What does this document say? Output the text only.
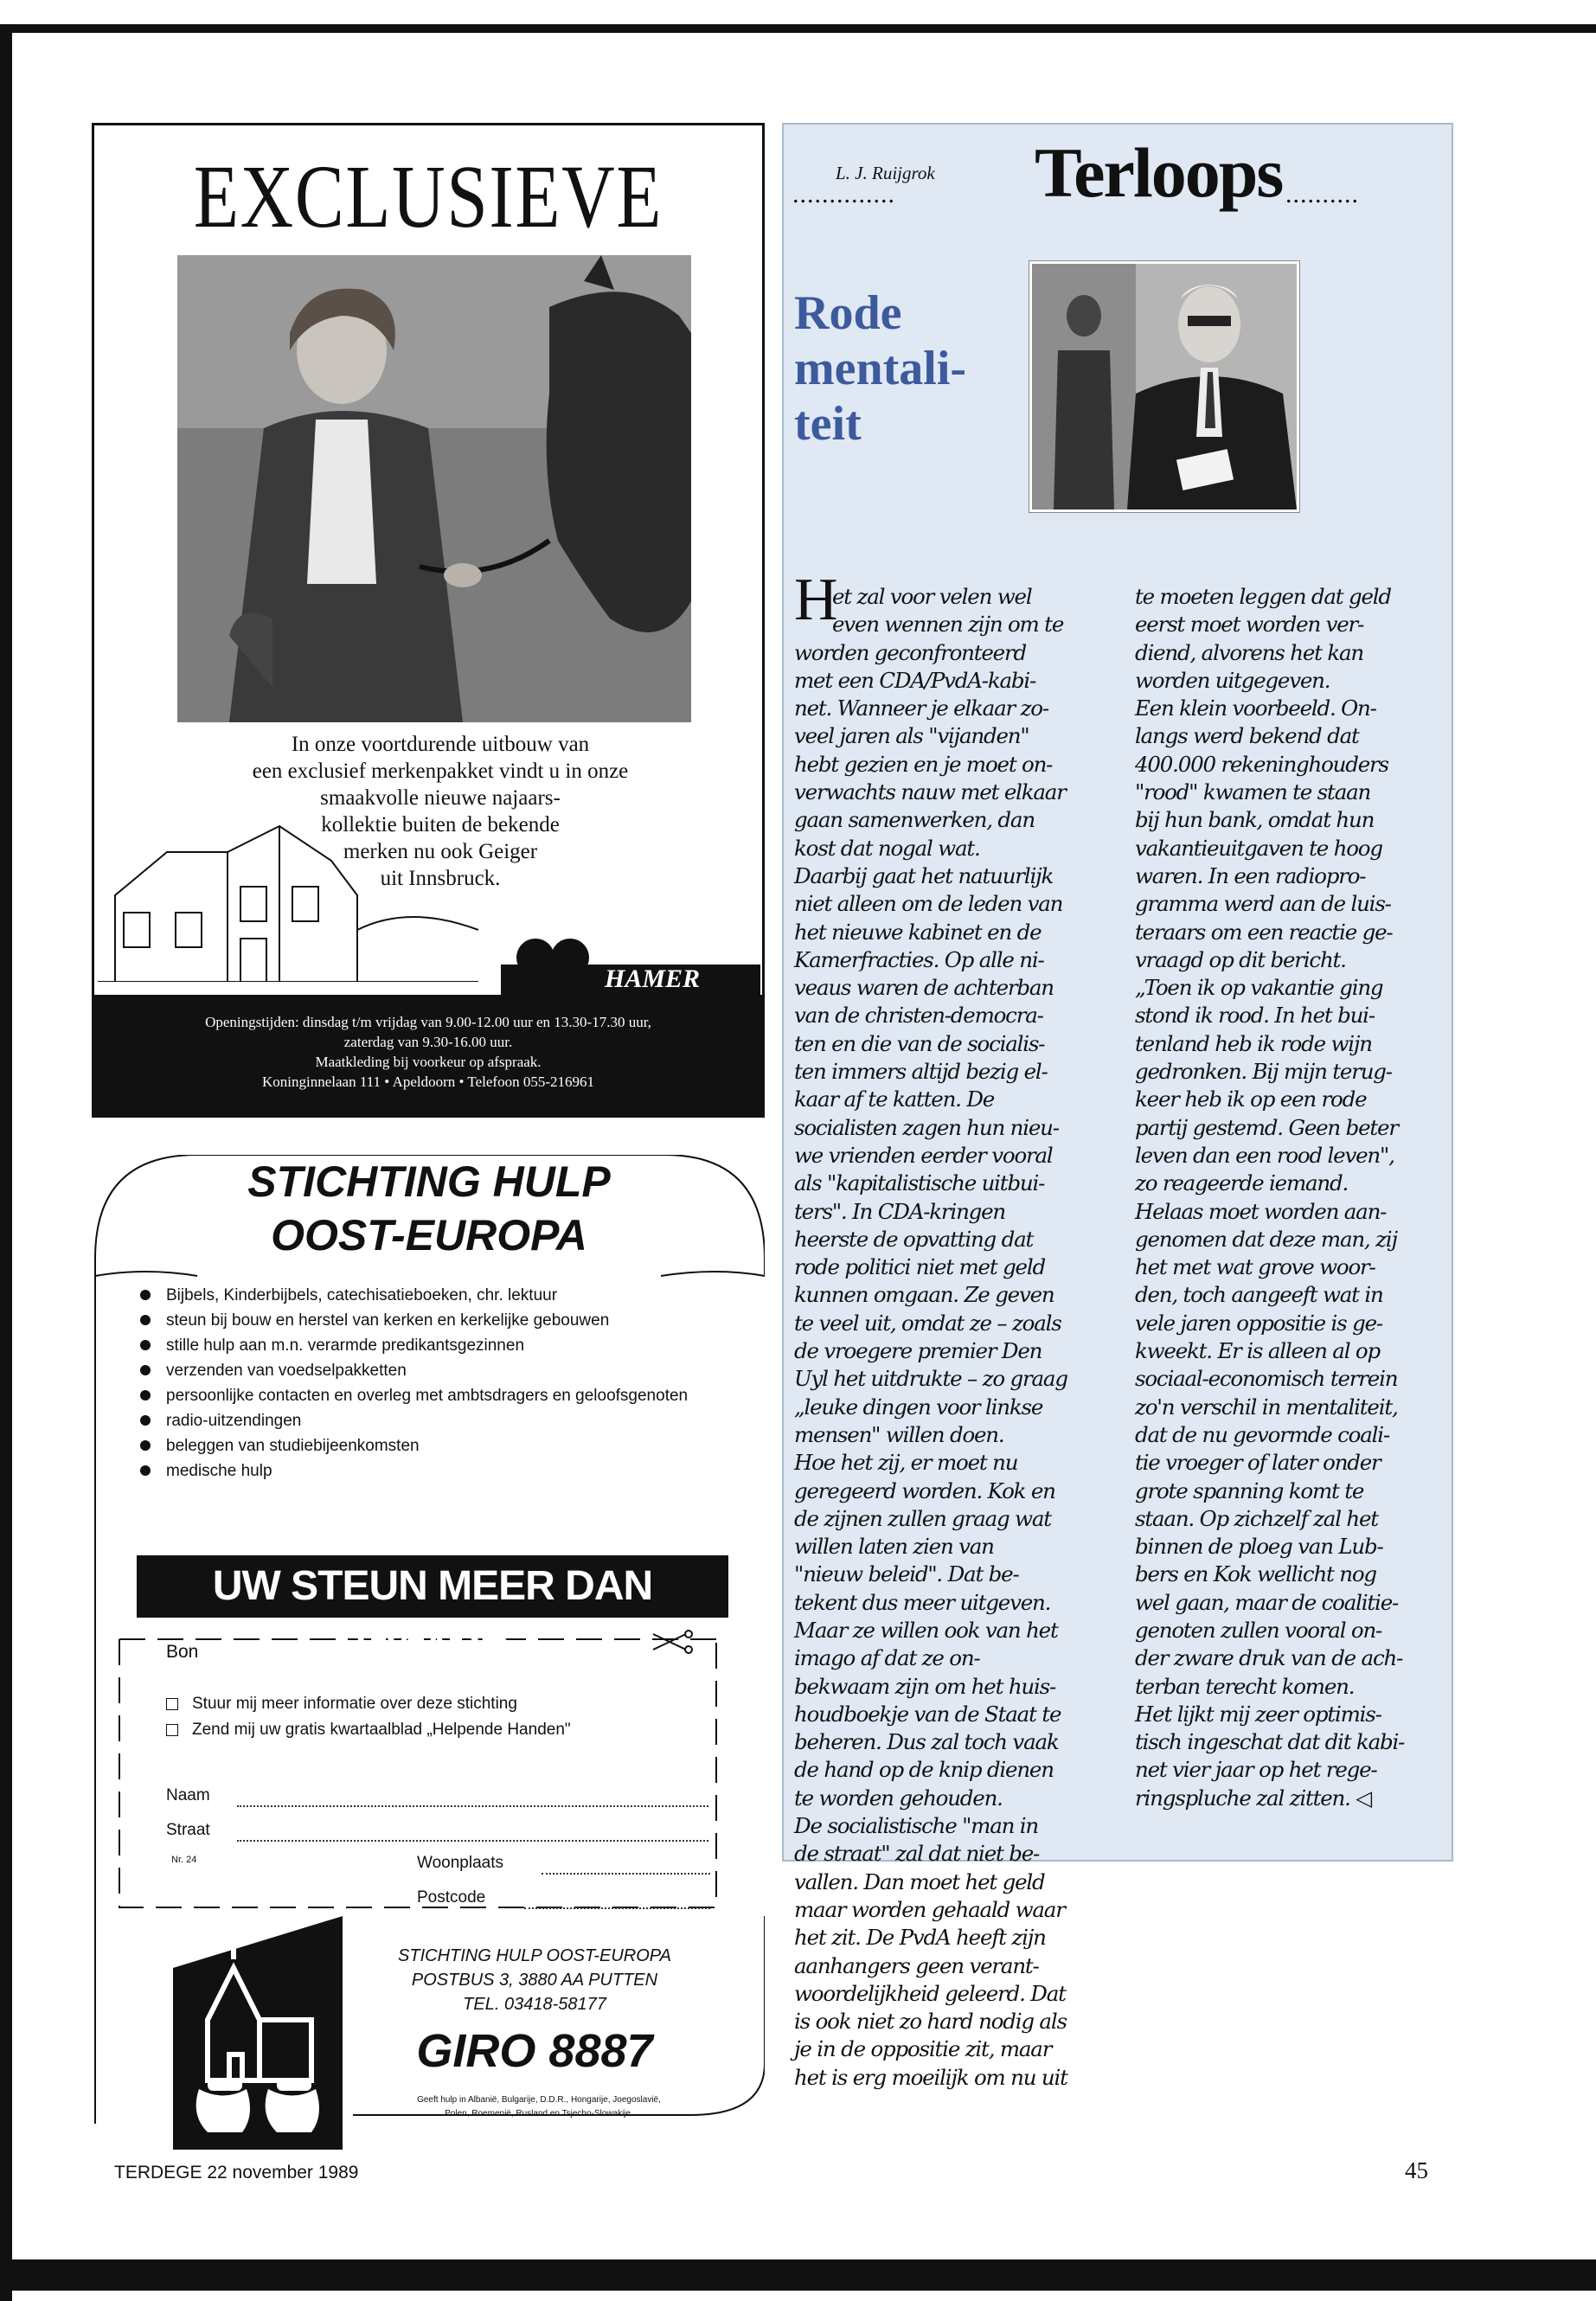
EXCLUSIEVE
In onze voortdurende uitbouw van
een exclusief merkenpakket vindt u in onze
smaakvolle nieuwe najaars-
kollektie buiten de bekende
merken nu ook Geiger
uit Innsbruck.
HAMER
Openingstijden: dinsdag t/m vrijdag van 9.00-12.00 uur en 13.30-17.30 uur,
zaterdag van 9.30-16.00 uur.
Maatkleding bij voorkeur op afspraak.
Koninginnelaan 111 • Apeldoorn • Telefoon 055-216961
STICHTING HULP
OOST-EUROPA
Bijbels, Kinderbijbels, catechisatieboeken, chr. lektuur
steun bij bouw en herstel van kerken en kerkelijke gebouwen
stille hulp aan m.n. verarmde predikantsgezinnen
verzenden van voedselpakketten
persoonlijke contacten en overleg met ambtsdragers en geloofsgenoten
radio-uitzendingen
beleggen van studiebijeenkomsten
medische hulp
UW STEUN MEER DAN WAARD
Bon
Stuur mij meer informatie over deze stichting
Zend mij uw gratis kwartaalblad „Helpende Handen"
Naam
Straat
Nr. 24	Woonplaats
Postcode
STICHTING HULP OOST-EUROPA
POSTBUS 3, 3880 AA PUTTEN
TEL. 03418-58177
GIRO 8887
Geeft hulp in Albanië, Bulgarije, D.D.R., Hongarije, Joegoslavië,
Polen, Roemenië, Rusland en Tsjecho-Slowakije.
L. J. Ruijgrok
.............. Terloops ..........
Rode
mentali-
teit
H
et zal voor velen wel
even wennen zijn om te
worden geconfronteerd
met een CDA/PvdA-kabi-
net. Wanneer je elkaar zo-
veel jaren als "vijanden"
hebt gezien en je moet on-
verwachts nauw met elkaar
gaan samenwerken, dan
kost dat nogal wat.
Daarbij gaat het natuurlijk
niet alleen om de leden van
het nieuwe kabinet en de
Kamerfracties. Op alle ni-
veaus waren de achterban
van de christen-democra-
ten en die van de socialis-
ten immers altijd bezig el-
kaar af te katten. De
socialisten zagen hun nieu-
we vrienden eerder vooral
als "kapitalistische uitbui-
ters". In CDA-kringen
heerste de opvatting dat
rode politici niet met geld
kunnen omgaan. Ze geven
te veel uit, omdat ze – zoals
de vroegere premier Den
Uyl het uitdrukte – zo graag
„leuke dingen voor linkse
mensen" willen doen.
Hoe het zij, er moet nu
geregeerd worden. Kok en
de zijnen zullen graag wat
willen laten zien van
"nieuw beleid". Dat be-
tekent dus meer uitgeven.
Maar ze willen ook van het
imago af dat ze on-
bekwaam zijn om het huis-
houdboekje van de Staat te
beheren. Dus zal toch vaak
de hand op de knip dienen
te worden gehouden.
De socialistische "man in
de straat" zal dat niet be-
vallen. Dan moet het geld
maar worden gehaald waar
het zit. De PvdA heeft zijn
aanhangers geen verant-
woordelijkheid geleerd. Dat
is ook niet zo hard nodig als
je in de oppositie zit, maar
het is erg moeilijk om nu uit
te moeten leggen dat geld
eerst moet worden ver-
diend, alvorens het kan
worden uitgegeven.
Een klein voorbeeld. On-
langs werd bekend dat
400.000 rekeninghouders
"rood" kwamen te staan
bij hun bank, omdat hun
vakantieuitgaven te hoog
waren. In een radiopro-
gramma werd aan de luis-
teraars om een reactie ge-
vraagd op dit bericht.
„Toen ik op vakantie ging
stond ik rood. In het bui-
tenland heb ik rode wijn
gedronken. Bij mijn terug-
keer heb ik op een rode
partij gestemd. Geen beter
leven dan een rood leven",
zo reageerde iemand.
Helaas moet worden aan-
genomen dat deze man, zij
het met wat grove woor-
den, toch aangeeft wat in
vele jaren oppositie is ge-
kweekt. Er is alleen al op
sociaal-economisch terrein
zo'n verschil in mentaliteit,
dat de nu gevormde coali-
tie vroeger of later onder
grote spanning komt te
staan. Op zichzelf zal het
binnen de ploeg van Lub-
bers en Kok wellicht nog
wel gaan, maar de coalitie-
genoten zullen vooral on-
der zware druk van de ach-
terban terecht komen.
Het lijkt mij zeer optimis-
tisch ingeschat dat dit kabi-
net vier jaar op het rege-
ringspluche zal zitten. ◁
TERDEGE 22 november 1989	45
